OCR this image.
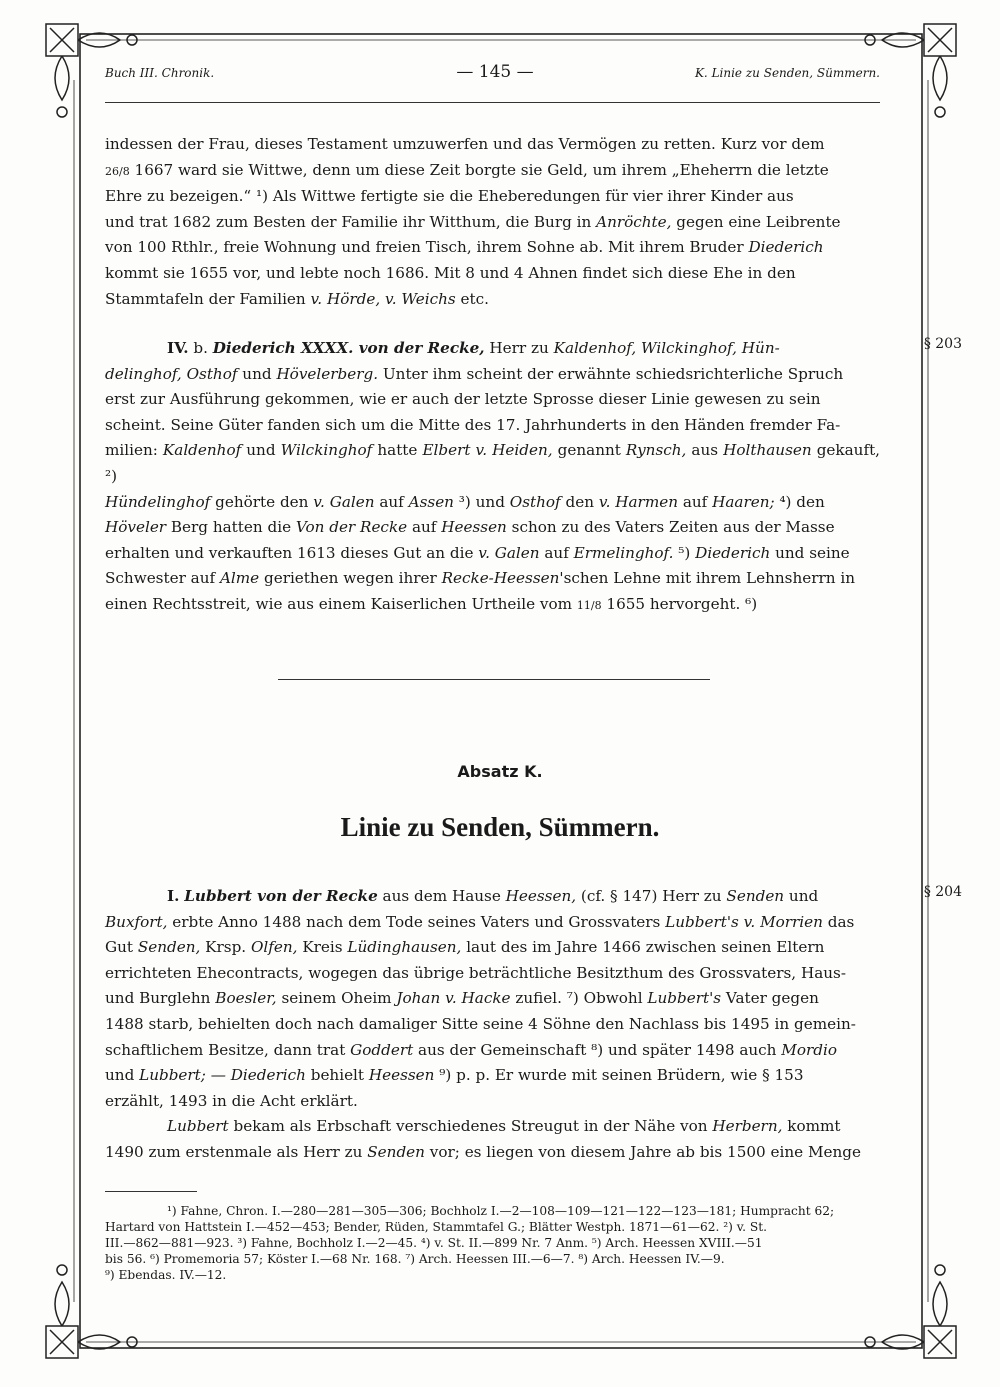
Buch III. Chronik.	— 145 —	K. Linie zu Senden, Sümmern.

indessen der Frau, dieses Testament umzuwerfen und das Vermögen zu retten. Kurz vor dem

26/8 1667 ward sie Wittwe, denn um diese Zeit borgte sie Geld, um ihrem „Eheherrn die letzte

Ehre zu bezeigen.“ ¹) Als Wittwe fertigte sie die Eheberedungen für vier ihrer Kinder aus

und trat 1682 zum Besten der Familie ihr Witthum, die Burg in Anröchte, gegen eine Leibrente

von 100 Rthlr., freie Wohnung und freien Tisch, ihrem Sohne ab. Mit ihrem Bruder Diederich

kommt sie 1655 vor, und lebte noch 1686. Mit 8 und 4 Ahnen findet sich diese Ehe in den

Stammtafeln der Familien v. Hörde, v. Weichs etc.

§ 203

IV. b. Diederich XXXX. von der Recke, Herr zu Kaldenhof, Wilckinghof, Hün-

delinghof, Osthof und Hövelerberg. Unter ihm scheint der erwähnte schiedsrichterliche Spruch

erst zur Ausführung gekommen, wie er auch der letzte Sprosse dieser Linie gewesen zu sein

scheint. Seine Güter fanden sich um die Mitte des 17. Jahrhunderts in den Händen fremder Fa-

milien: Kaldenhof und Wilckinghof hatte Elbert v. Heiden, genannt Rynsch, aus Holthausen gekauft, ²)

Hündelinghof gehörte den v. Galen auf Assen ³) und Osthof den v. Harmen auf Haaren; ⁴) den

Höveler Berg hatten die Von der Recke auf Heessen schon zu des Vaters Zeiten aus der Masse

erhalten und verkauften 1613 dieses Gut an die v. Galen auf Ermelinghof. ⁵) Diederich und seine

Schwester auf Alme geriethen wegen ihrer Recke-Heessen'schen Lehne mit ihrem Lehnsherrn in

einen Rechtsstreit, wie aus einem Kaiserlichen Urtheile vom 11/8 1655 hervorgeht. ⁶)

Absatz K.
Linie zu Senden, Sümmern.
§ 204

I. Lubbert von der Recke aus dem Hause Heessen, (cf. § 147) Herr zu Senden und

Buxfort, erbte Anno 1488 nach dem Tode seines Vaters und Grossvaters Lubbert's v. Morrien das

Gut Senden, Krsp. Olfen, Kreis Lüdinghausen, laut des im Jahre 1466 zwischen seinen Eltern

errichteten Ehecontracts, wogegen das übrige beträchtliche Besitzthum des Grossvaters, Haus-

und Burglehn Boesler, seinem Oheim Johan v. Hacke zufiel. ⁷) Obwohl Lubbert's Vater gegen

1488 starb, behielten doch nach damaliger Sitte seine 4 Söhne den Nachlass bis 1495 in gemein-

schaftlichem Besitze, dann trat Goddert aus der Gemeinschaft ⁸) und später 1498 auch Mordio

und Lubbert; — Diederich behielt Heessen ⁹) p. p. Er wurde mit seinen Brüdern, wie § 153

erzählt, 1493 in die Acht erklärt.

Lubbert bekam als Erbschaft verschiedenes Streugut in der Nähe von Herbern, kommt

1490 zum erstenmale als Herr zu Senden vor; es liegen von diesem Jahre ab bis 1500 eine Menge

¹) Fahne, Chron. I.—280—281—305—306; Bochholz I.—2—108—109—121—122—123—181; Humpracht 62;

Hartard von Hattstein I.—452—453; Bender, Rüden, Stammtafel G.; Blätter Westph. 1871—61—62. ²) v. St.

III.—862—881—923. ³) Fahne, Bochholz I.—2—45. ⁴) v. St. II.—899 Nr. 7 Anm. ⁵) Arch. Heessen XVIII.—51

bis 56. ⁶) Promemoria 57; Köster I.—68 Nr. 168. ⁷) Arch. Heessen III.—6—7. ⁸) Arch. Heessen IV.—9.

⁹) Ebendas. IV.—12.
